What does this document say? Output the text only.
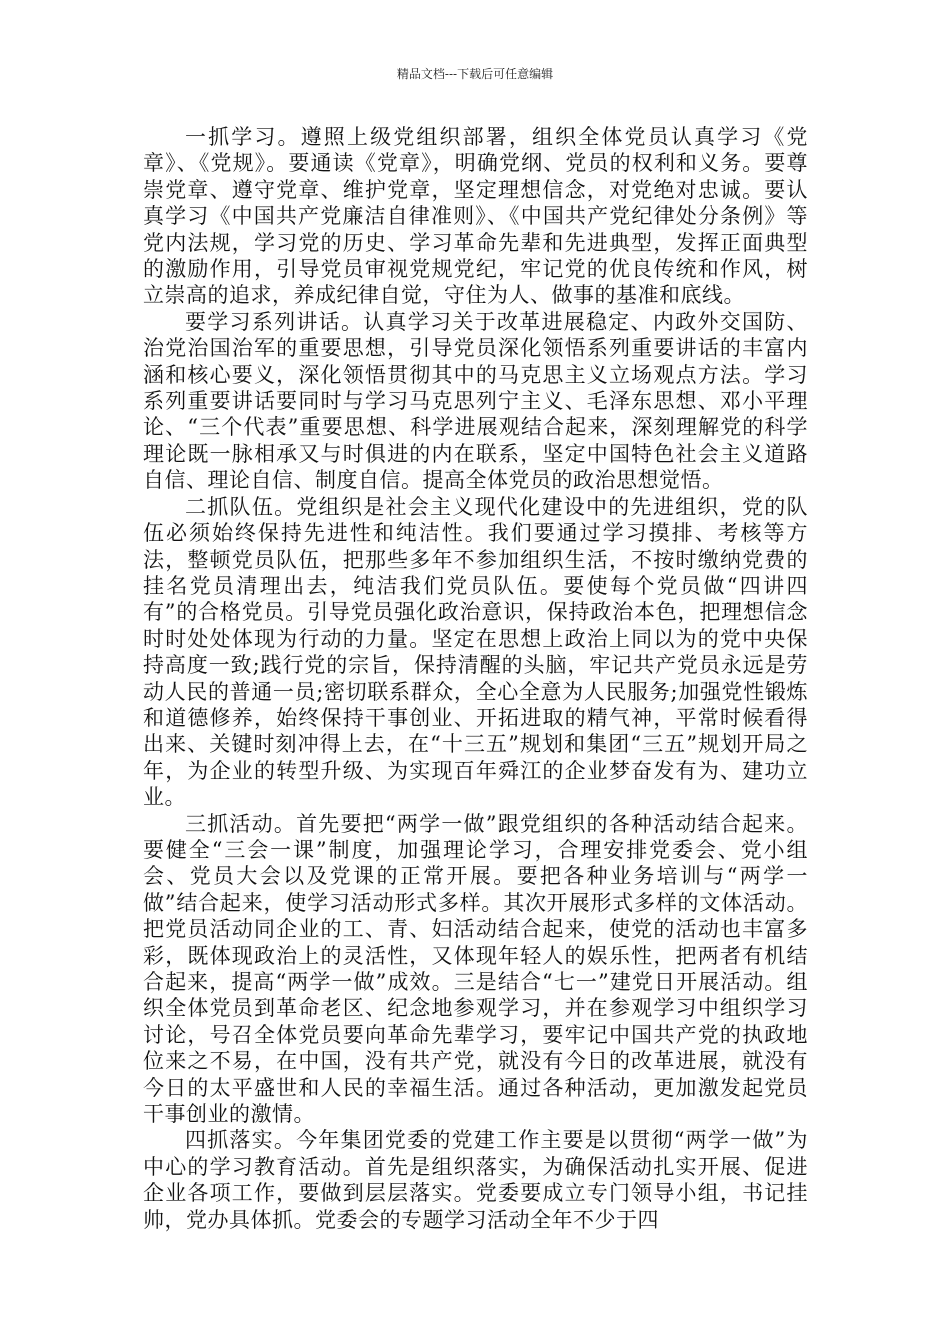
精品文档---下载后可任意编辑

一抓学习。遵照上级党组织部署，组织全体党员认真学习《党章》、《党规》。要通读《党章》，明确党纲、党员的权利和义务。要尊崇党章、遵守党章、维护党章，坚定理想信念，对党绝对忠诚。要认真学习《中国共产党廉洁自律准则》、《中国共产党纪律处分条例》等党内法规，学习党的历史、学习革命先辈和先进典型，发挥正面典型的激励作用，引导党员审视党规党纪，牢记党的优良传统和作风，树立崇高的追求，养成纪律自觉，守住为人、做事的基准和底线。

要学习系列讲话。认真学习关于改革进展稳定、内政外交国防、治党治国治军的重要思想，引导党员深化领悟系列重要讲话的丰富内涵和核心要义，深化领悟贯彻其中的马克思主义立场观点方法。学习系列重要讲话要同时与学习马克思列宁主义、毛泽东思想、邓小平理论、“三个代表”重要思想、科学进展观结合起来，深刻理解党的科学理论既一脉相承又与时俱进的内在联系，坚定中国特色社会主义道路自信、理论自信、制度自信。提高全体党员的政治思想觉悟。

二抓队伍。党组织是社会主义现代化建设中的先进组织，党的队伍必须始终保持先进性和纯洁性。我们要通过学习摸排、考核等方法，整顿党员队伍，把那些多年不参加组织生活，不按时缴纳党费的挂名党员清理出去，纯洁我们党员队伍。要使每个党员做“四讲四有”的合格党员。引导党员强化政治意识，保持政治本色，把理想信念时时处处体现为行动的力量。坚定在思想上政治上同以为的党中央保持高度一致;践行党的宗旨，保持清醒的头脑，牢记共产党员永远是劳动人民的普通一员;密切联系群众，全心全意为人民服务;加强党性锻炼和道德修养，始终保持干事创业、开拓进取的精气神，平常时候看得出来、关键时刻冲得上去，在“十三五”规划和集团“三五”规划开局之年，为企业的转型升级、为实现百年舜江的企业梦奋发有为、建功立业。

三抓活动。首先要把“两学一做”跟党组织的各种活动结合起来。要健全“三会一课”制度，加强理论学习，合理安排党委会、党小组会、党员大会以及党课的正常开展。要把各种业务培训与“两学一做”结合起来，使学习活动形式多样。其次开展形式多样的文体活动。把党员活动同企业的工、青、妇活动结合起来，使党的活动也丰富多彩，既体现政治上的灵活性，又体现年轻人的娱乐性，把两者有机结合起来，提高“两学一做”成效。三是结合“七一”建党日开展活动。组织全体党员到革命老区、纪念地参观学习，并在参观学习中组织学习讨论，号召全体党员要向革命先辈学习，要牢记中国共产党的执政地位来之不易，在中国，没有共产党，就没有今日的改革进展，就没有今日的太平盛世和人民的幸福生活。通过各种活动，更加激发起党员干事创业的激情。

四抓落实。今年集团党委的党建工作主要是以贯彻“两学一做”为中心的学习教育活动。首先是组织落实，为确保活动扎实开展、促进企业各项工作，要做到层层落实。党委要成立专门领导小组，书记挂帅，党办具体抓。党委会的专题学习活动全年不少于四
